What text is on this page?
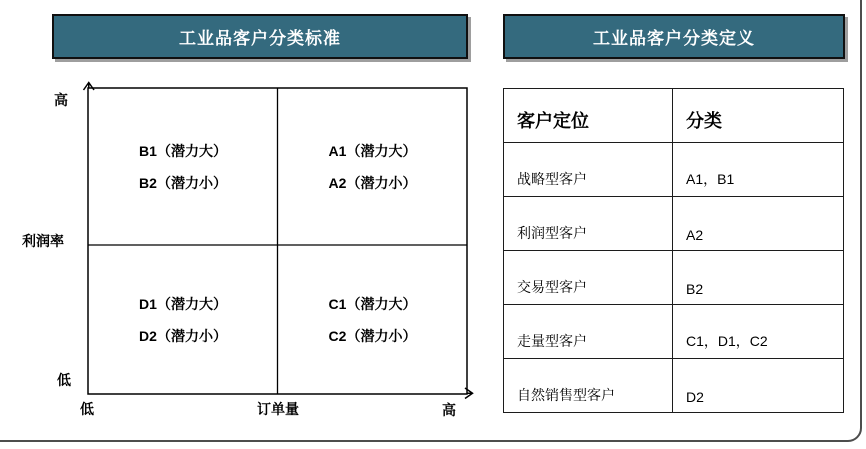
工业品客户分类标准	工业品客户分类定义
B1（潜力大）
B2（潜力小）
A1（潜力大）
A2（潜力小）
D1（潜力大）
D2（潜力小）
C1（潜力大）
C2（潜力小）
高
利润率
低
低	订单量	高
客户定位	分类
战略型客户	A1，B1
利润型客户	A2
交易型客户	B2
走量型客户	C1，D1，C2
自然销售型客户	D2
